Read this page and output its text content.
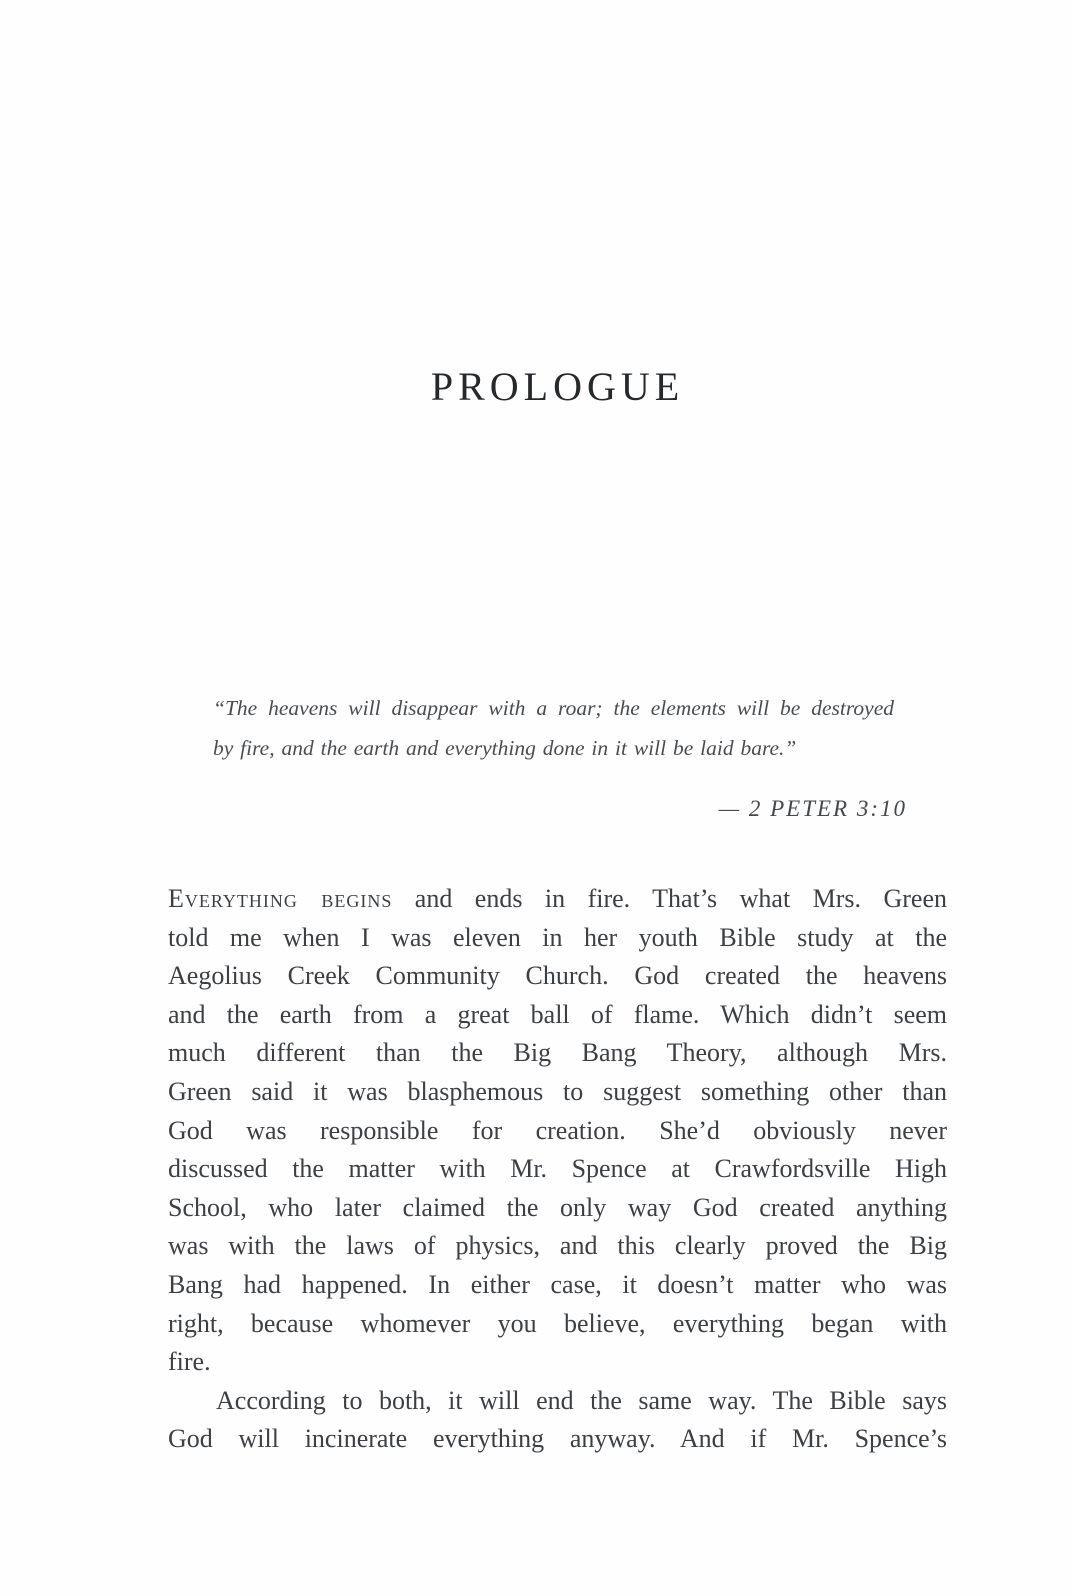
PROLOGUE
“The heavens will disappear with a roar; the elements will be destroyed
by fire, and the earth and everything done in it will be laid bare.”
— 2 PETER 3:10
Everything begins and ends in fire. That’s what Mrs. Green
told me when I was eleven in her youth Bible study at the
Aegolius Creek Community Church. God created the heavens
and the earth from a great ball of flame. Which didn’t seem
much different than the Big Bang Theory, although Mrs.
Green said it was blasphemous to suggest something other than
God was responsible for creation. She’d obviously never
discussed the matter with Mr. Spence at Crawfordsville High
School, who later claimed the only way God created anything
was with the laws of physics, and this clearly proved the Big
Bang had happened. In either case, it doesn’t matter who was
right, because whomever you believe, everything began with
fire.
According to both, it will end the same way. The Bible says
God will incinerate everything anyway. And if Mr. Spence’s
